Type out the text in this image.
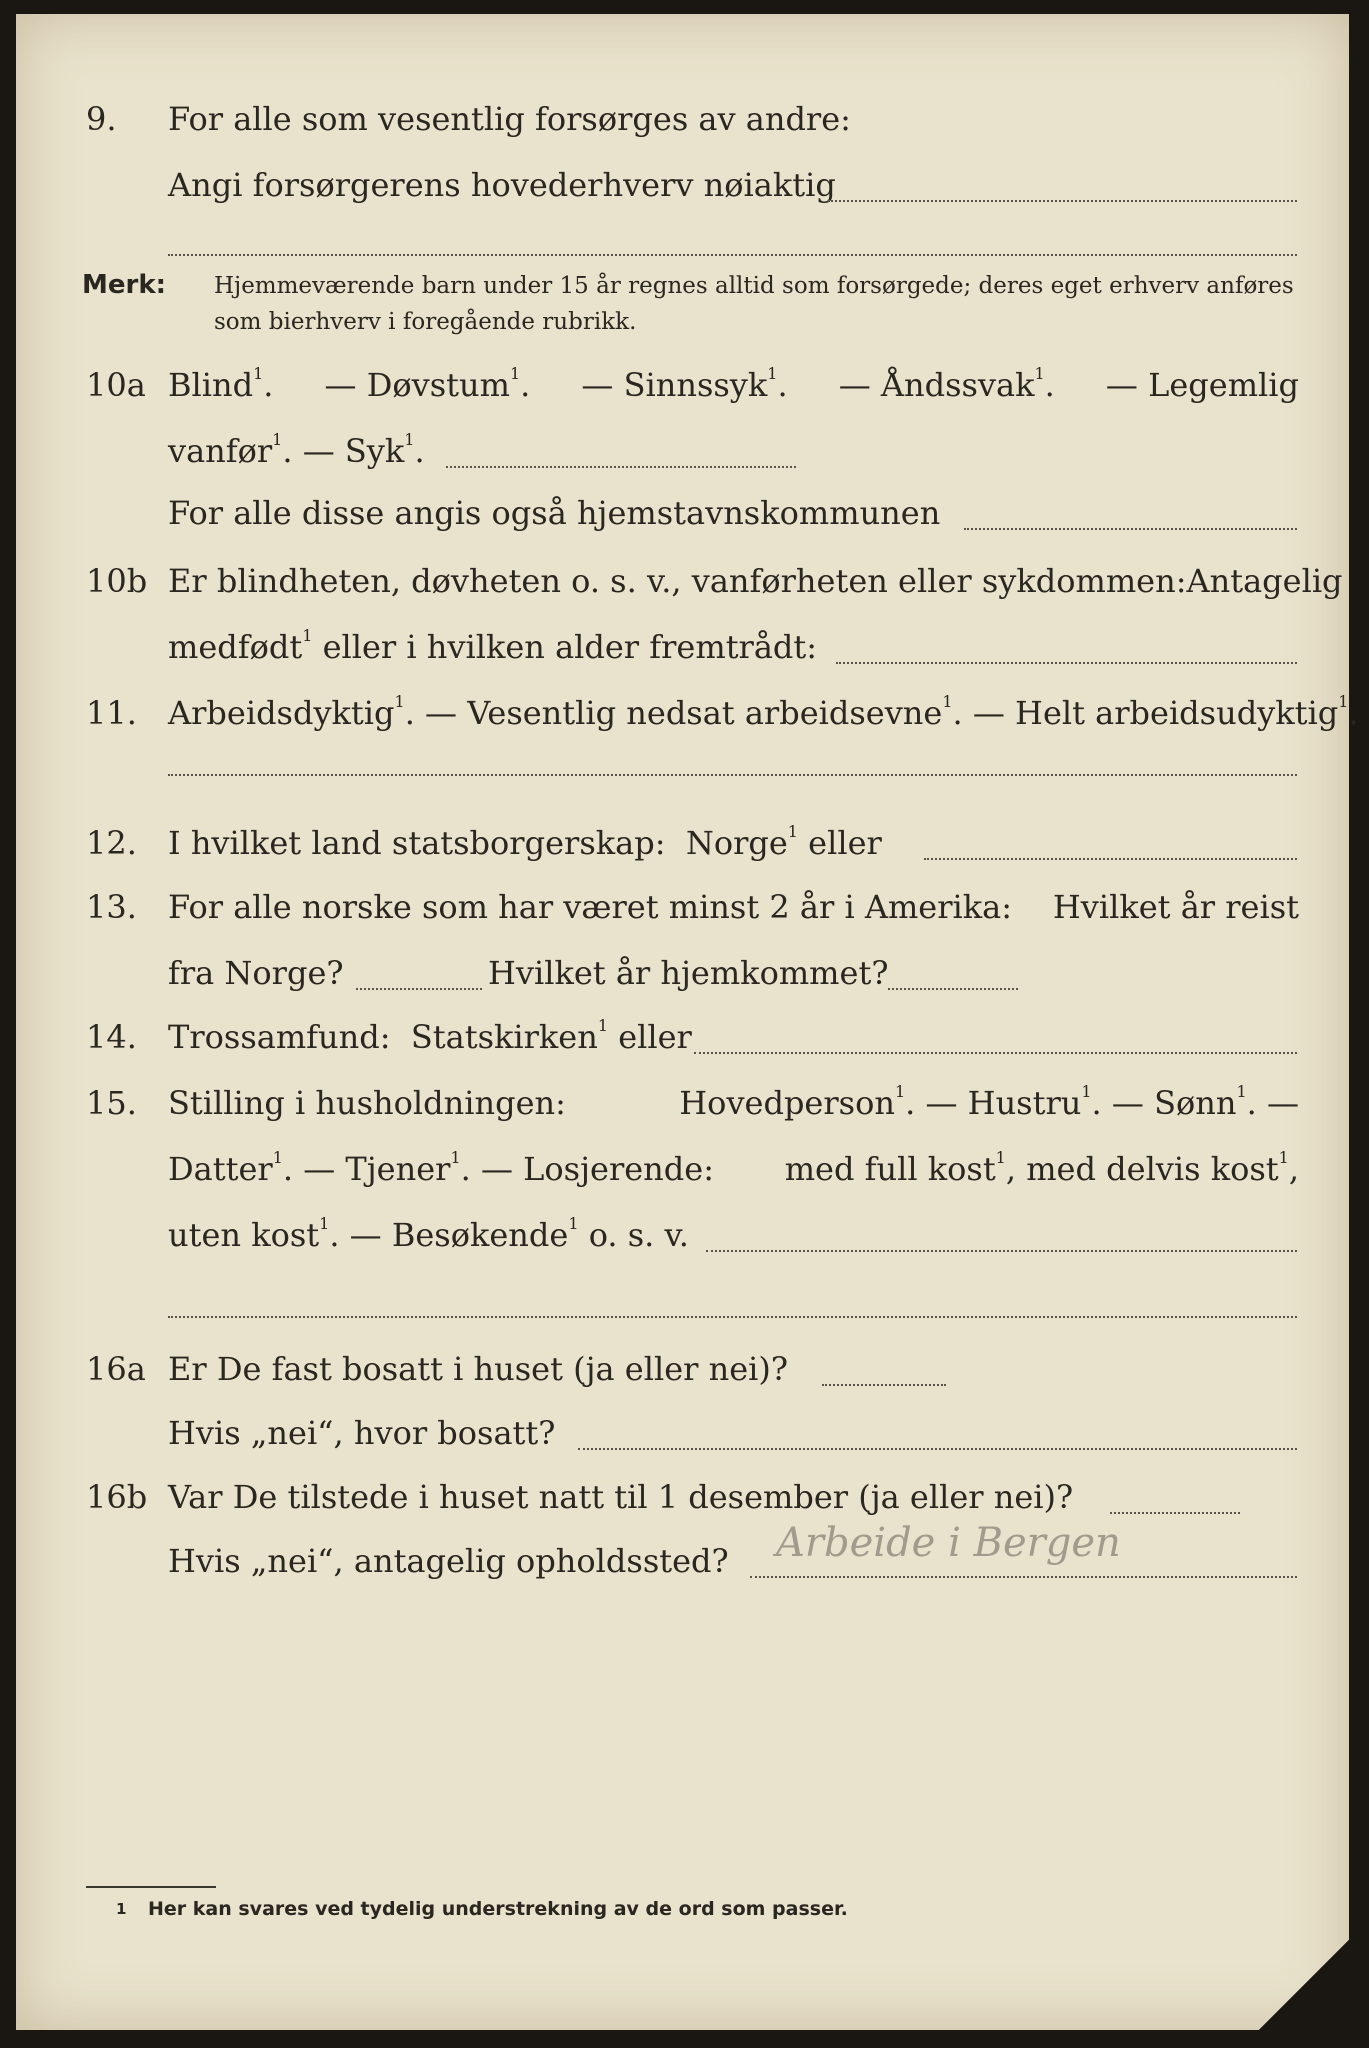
9. For alle som vesentlig forsørges av andre:
Angi forsørgerens hovederhverv nøiaktig
Merk: Hjemmeværende barn under 15 år regnes alltid som forsørgede; deres eget erhverv anføres som bierhverv i foregående rubrikk.
10a Blind$^1$. — Døvstum$^1$. — Sinnssyk$^1$. — Åndssvak$^1$. — Legemlig
vanfør$^1$. — Syk$^1$.
For alle disse angis også hjemstavnskommunen
10b Er blindheten, døvheten o. s. v., vanførheten eller sykdommen: Antagelig
medfødt$^1$ eller i hvilken alder fremtrådt:
11. Arbeidsdyktig$^1$. — Vesentlig nedsat arbeidsevne$^1$. — Helt arbeidsudyktig$^1$.
12. I hvilket land statsborgerskap: Norge$^1$ eller
13. For alle norske som har været minst 2 år i Amerika: Hvilket år reist
fra Norge?	Hvilket år hjemkommet?
14. Trossamfund: Statskirken$^1$ eller
15. Stilling i husholdningen:	Hovedperson$^1$. — Hustru$^1$. — Sønn$^1$. —
Datter$^1$. — Tjener$^1$. — Losjerende: med full kost$^1$, med delvis kost$^1$,
uten kost$^1$. — Besøkende$^1$ o. s. v.
16a Er De fast bosatt i huset (ja eller nei)?
Hvis „nei“, hvor bosatt?
16b Var De tilstede i huset natt til 1 desember (ja eller nei)?
Hvis „nei“, antagelig opholdssted? Arbeide i Bergen
1 Her kan svares ved tydelig understrekning av de ord som passer.
